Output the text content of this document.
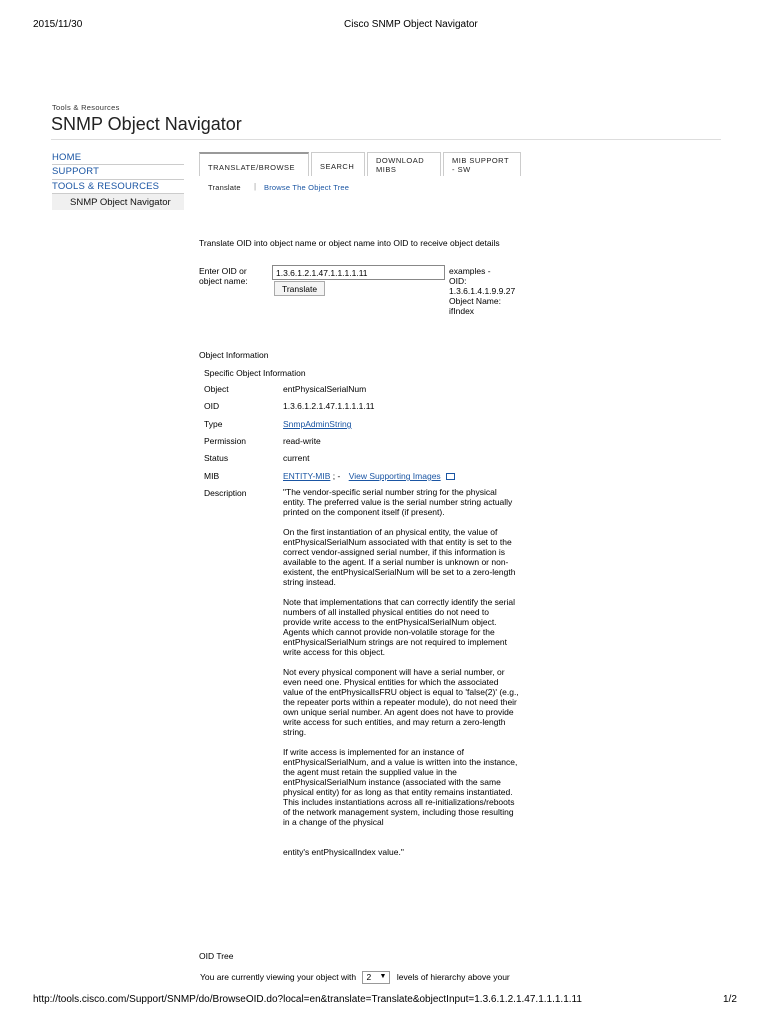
2015/11/30	Cisco SNMP Object Navigator
Tools & Resources
SNMP Object Navigator
HOME
SUPPORT
TOOLS & RESOURCES
SNMP Object Navigator
TRANSLATE/BROWSE	SEARCH
DOWNLOAD
MIBS
MIB SUPPORT
- SW
Translate | Browse The Object Tree
Translate OID into object name or object name into OID to receive object details
Enter OID or object name:
1.3.6.1.2.1.47.1.1.1.1.11
Translate
examples -
OID:
1.3.6.1.4.1.9.9.27
Object Name:
ifIndex
Object Information
Specific Object Information
Object	entPhysicalSerialNum
OID	1.3.6.1.2.1.47.1.1.1.1.11
Type	SnmpAdminString
Permission	read-write
Status	current
MIB	ENTITY-MIB ; - View Supporting Images
Description	"The vendor-specific serial number string for the physical entity. The preferred value is the serial number string actually printed on the component itself (if present).

On the first instantiation of an physical entity, the value of entPhysicalSerialNum associated with that entity is set to the correct vendor-assigned serial number, if this information is available to the agent. If a serial number is unknown or non-existent, the entPhysicalSerialNum will be set to a zero-length string instead.

Note that implementations that can correctly identify the serial numbers of all installed physical entities do not need to provide write access to the entPhysicalSerialNum object. Agents which cannot provide non-volatile storage for the entPhysicalSerialNum strings are not required to implement write access for this object.

Not every physical component will have a serial number, or even need one. Physical entities for which the associated value of the entPhysicalIsFRU object is equal to 'false(2)' (e.g., the repeater ports within a repeater module), do not need their own unique serial number. An agent does not have to provide write access for such entities, and may return a zero-length string.

If write access is implemented for an instance of entPhysicalSerialNum, and a value is written into the instance, the agent must retain the supplied value in the entPhysicalSerialNum instance (associated with the same physical entity) for as long as that entity remains instantiated. This includes instantiations across all re-initializations/reboots of the network management system, including those resulting in a change of the physical

entity's entPhysicalIndex value."

OID Tree
You are currently viewing your object with 2 ▼ levels of hierarchy above your
http://tools.cisco.com/Support/SNMP/do/BrowseOID.do?local=en&translate=Translate&objectInput=1.3.6.1.2.1.47.1.1.1.1.11	1/2
